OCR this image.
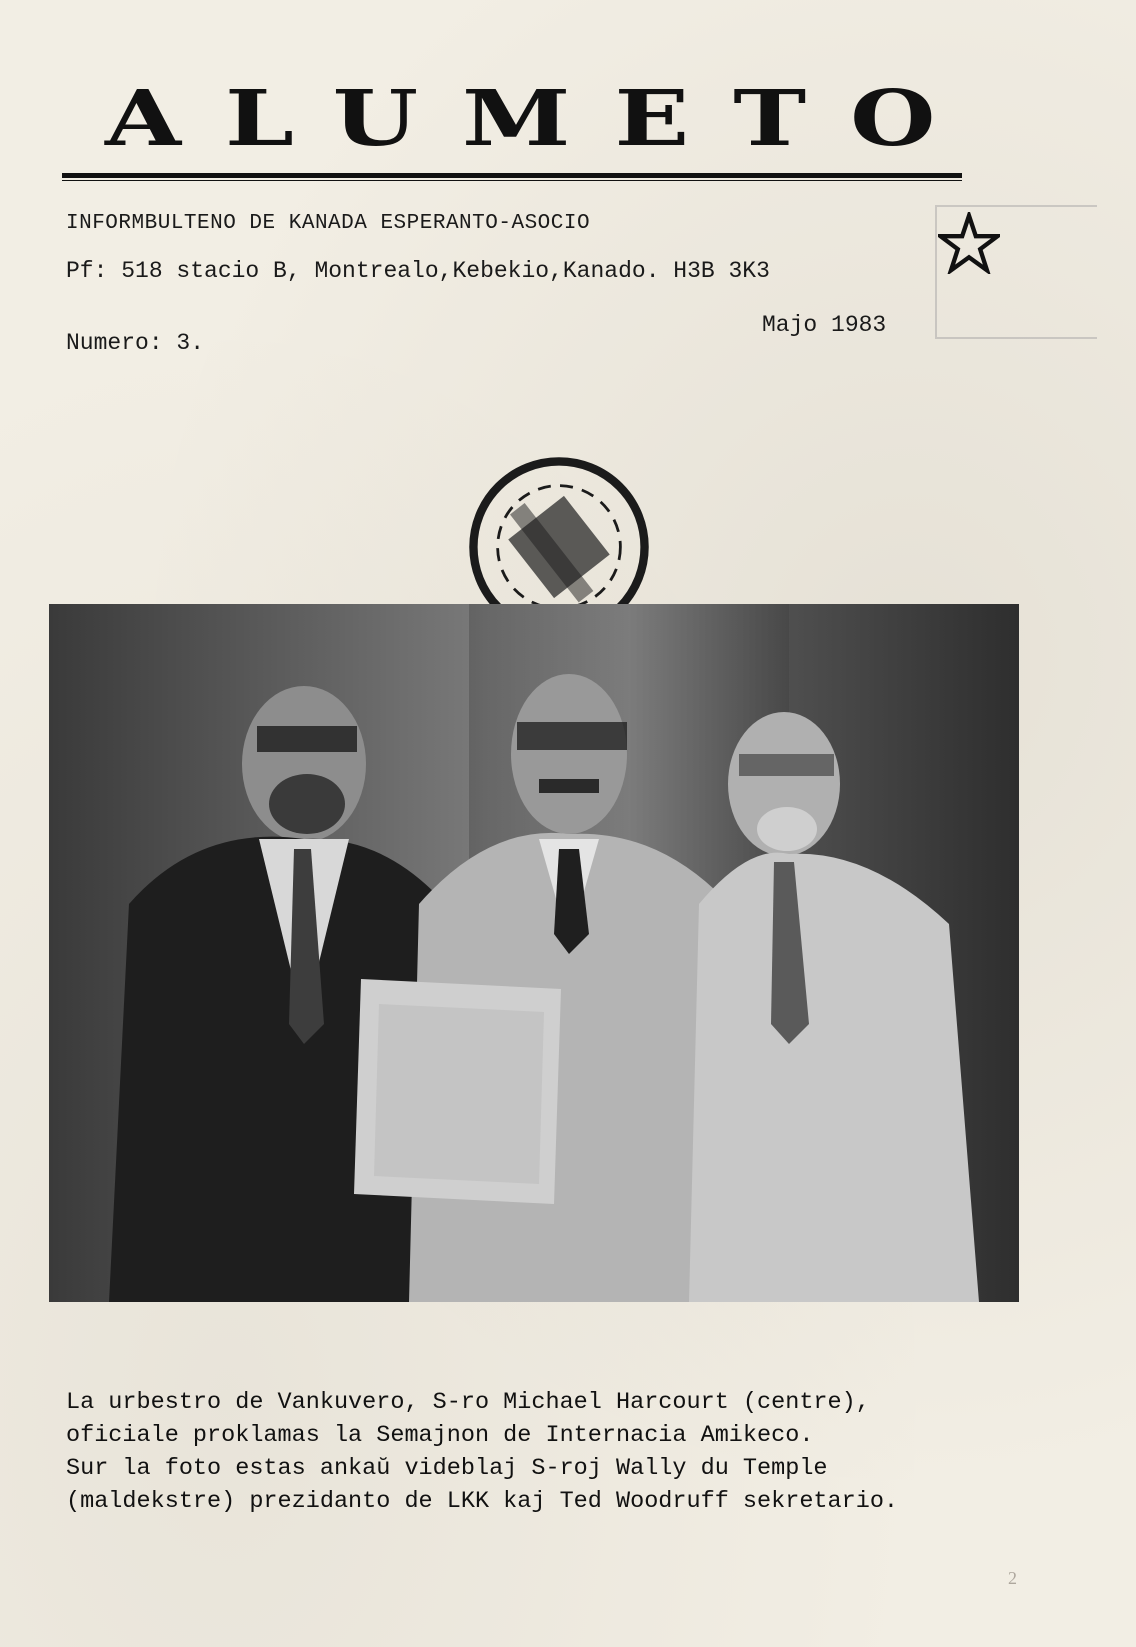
ALUMETO
INFORMBULTENO DE KANADA ESPERANTO-ASOCIO
Pf: 518 stacio B, Montrealo,Kebekio,Kanado. H3B 3K3
Majo 1983
Numero: 3.
La urbestro de Vankuvero, S-ro Michael Harcourt (centre),
oficiale proklamas la Semajnon de Internacia Amikeco.
Sur la foto estas ankaŭ videblaj S-roj Wally du Temple
(maldekstre) prezidanto de LKK kaj Ted Woodruff sekretario.
2
